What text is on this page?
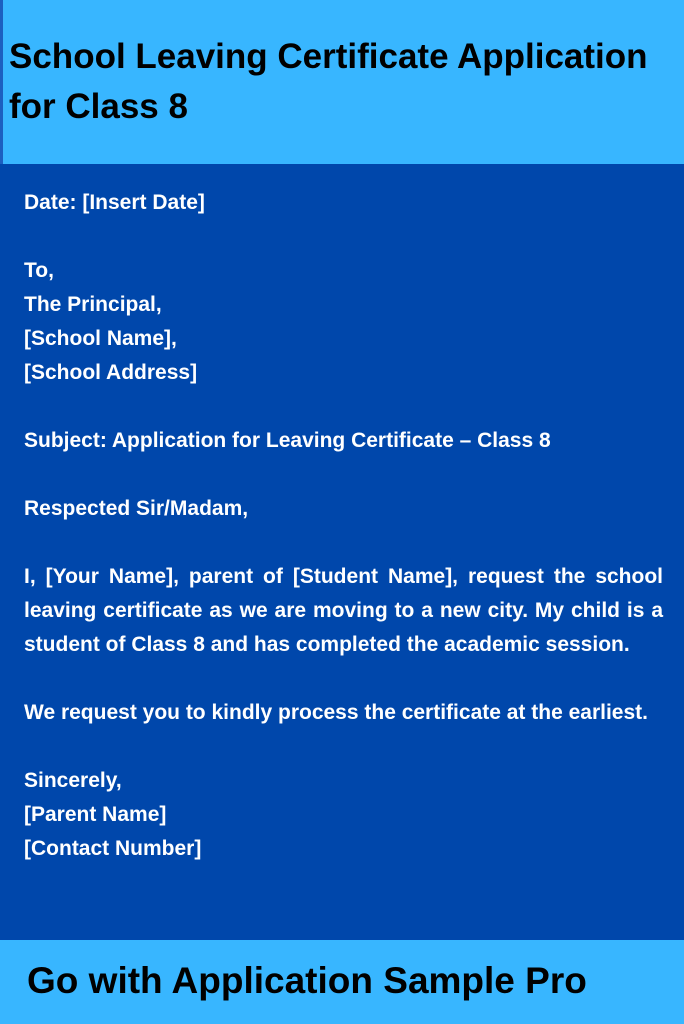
School Leaving Certificate Application for Class 8
Date: [Insert Date]
To,
The Principal,
[School Name],
[School Address]
Subject: Application for Leaving Certificate – Class 8
Respected Sir/Madam,
I, [Your Name], parent of [Student Name], request the school leaving certificate as we are moving to a new city. My child is a student of Class 8 and has completed the academic session.
We request you to kindly process the certificate at the earliest.
Sincerely,
[Parent Name]
[Contact Number]
Go with Application Sample Pro
